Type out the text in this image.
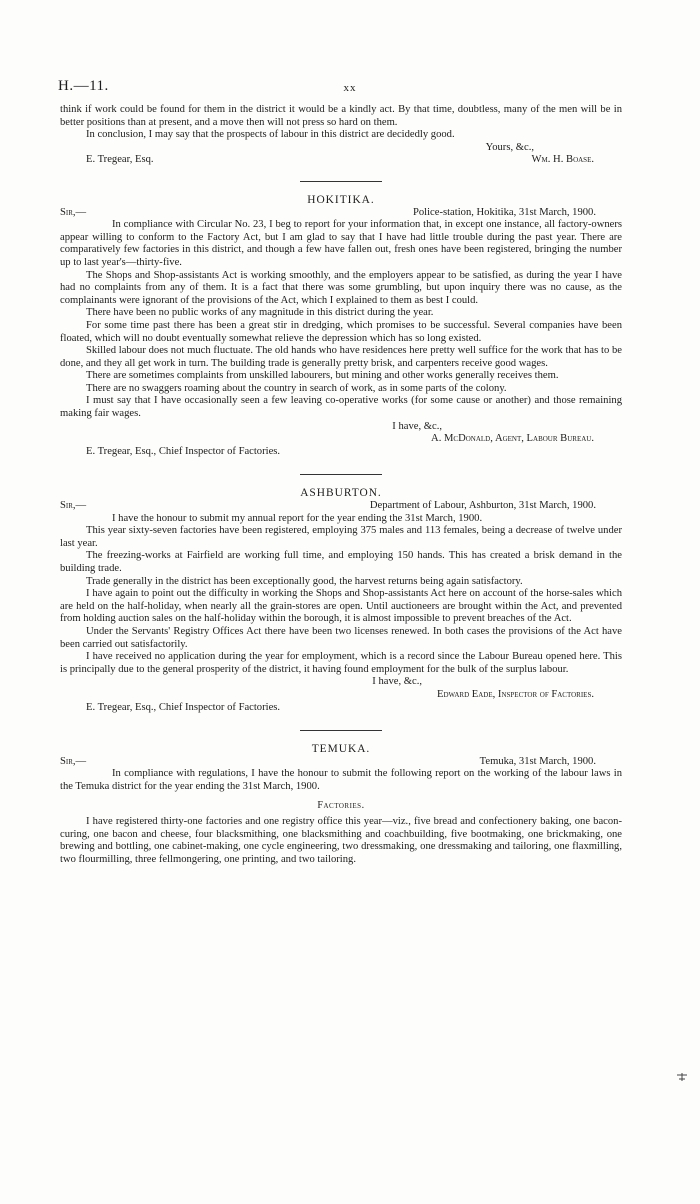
H.—11.	xx

think if work could be found for them in the district it would be a kindly act. By that time, doubtless, many of the men will be in better positions than at present, and a move then will not press so hard on them.

In conclusion, I may say that the prospects of labour in this district are decidedly good.

Yours, &c.,
E. Tregear, Esq.	Wm. H. Boase.
HOKITIKA.
Sir,—	Police-station, Hokitika, 31st March, 1900.

In compliance with Circular No. 23, I beg to report for your information that, in except one instance, all factory-owners appear willing to conform to the Factory Act, but I am glad to say that I have had little trouble during the past year. There are comparatively few factories in this district, and though a few have fallen out, fresh ones have been registered, bringing the number up to last year's—thirty-five.

The Shops and Shop-assistants Act is working smoothly, and the employers appear to be satisfied, as during the year I have had no complaints from any of them. It is a fact that there was some grumbling, but upon inquiry there was no cause, as the complainants were ignorant of the provisions of the Act, which I explained to them as best I could.

There have been no public works of any magnitude in this district during the year.

For some time past there has been a great stir in dredging, which promises to be successful. Several companies have been floated, which will no doubt eventually somewhat relieve the depression which has so long existed.

Skilled labour does not much fluctuate. The old hands who have residences here pretty well suffice for the work that has to be done, and they all get work in turn. The building trade is generally pretty brisk, and carpenters receive good wages.

There are sometimes complaints from unskilled labourers, but mining and other works generally receives them.

There are no swaggers roaming about the country in search of work, as in some parts of the colony.

I must say that I have occasionally seen a few leaving co-operative works (for some cause or another) and those remaining making fair wages.

I have, &c.,
A. McDonald, Agent, Labour Bureau.
E. Tregear, Esq., Chief Inspector of Factories.
ASHBURTON.
Sir,—	Department of Labour, Ashburton, 31st March, 1900.

I have the honour to submit my annual report for the year ending the 31st March, 1900.

This year sixty-seven factories have been registered, employing 375 males and 113 females, being a decrease of twelve under last year.

The freezing-works at Fairfield are working full time, and employing 150 hands. This has created a brisk demand in the building trade.

Trade generally in the district has been exceptionally good, the harvest returns being again satisfactory.

I have again to point out the difficulty in working the Shops and Shop-assistants Act here on account of the horse-sales which are held on the half-holiday, when nearly all the grain-stores are open. Until auctioneers are brought within the Act, and prevented from holding auction sales on the half-holiday within the borough, it is almost impossible to prevent breaches of the Act.

Under the Servants' Registry Offices Act there have been two licenses renewed. In both cases the provisions of the Act have been carried out satisfactorily.

I have received no application during the year for employment, which is a record since the Labour Bureau opened here. This is principally due to the general prosperity of the district, it having found employment for the bulk of the surplus labour.

I have, &c.,
Edward Eade, Inspector of Factories.
E. Tregear, Esq., Chief Inspector of Factories.
TEMUKA.
Sir,—	Temuka, 31st March, 1900.

In compliance with regulations, I have the honour to submit the following report on the working of the labour laws in the Temuka district for the year ending the 31st March, 1900.

Factories.

I have registered thirty-one factories and one registry office this year—viz., five bread and confectionery baking, one bacon-curing, one bacon and cheese, four blacksmithing, one blacksmithing and coachbuilding, five bootmaking, one brickmaking, one brewing and bottling, one cabinet-making, one cycle engineering, two dressmaking, one dressmaking and tailoring, one flaxmilling, two flourmilling, three fellmongering, one printing, and two tailoring.
